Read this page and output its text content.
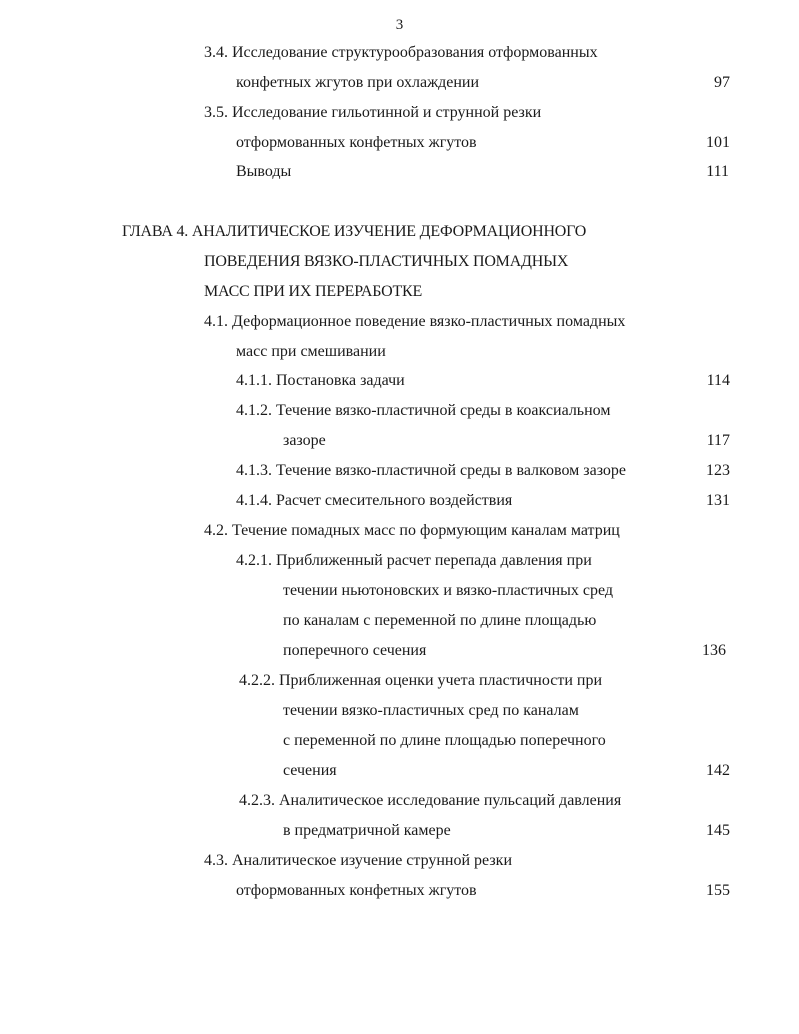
3
3.4. Исследование структурообразования отформованных
конфетных жгутов при охлаждении	97
3.5. Исследование гильотинной и струнной резки
отформованных конфетных жгутов	101
Выводы	111
ГЛАВА 4. АНАЛИТИЧЕСКОЕ ИЗУЧЕНИЕ ДЕФОРМАЦИОННОГО
ПОВЕДЕНИЯ ВЯЗКО-ПЛАСТИЧНЫХ ПОМАДНЫХ
МАСС ПРИ ИХ ПЕРЕРАБОТКЕ
4.1. Деформационное поведение вязко-пластичных помадных
масс при смешивании
4.1.1. Постановка задачи	114
4.1.2. Течение вязко-пластичной среды в коаксиальном
зазоре	117
4.1.3. Течение вязко-пластичной среды в валковом зазоре	123
4.1.4. Расчет смесительного воздействия	131
4.2. Течение помадных масс по формующим каналам матриц
4.2.1. Приближенный расчет перепада давления при
течении ньютоновских и вязко-пластичных сред
по каналам с переменной по длине площадью
поперечного сечения	136
4.2.2. Приближенная оценки учета пластичности при
течении вязко-пластичных сред по каналам
с переменной по длине площадью поперечного
сечения	142
4.2.3. Аналитическое исследование пульсаций давления
в предматричной камере	145
4.3. Аналитическое изучение струнной резки
отформованных конфетных жгутов	155
